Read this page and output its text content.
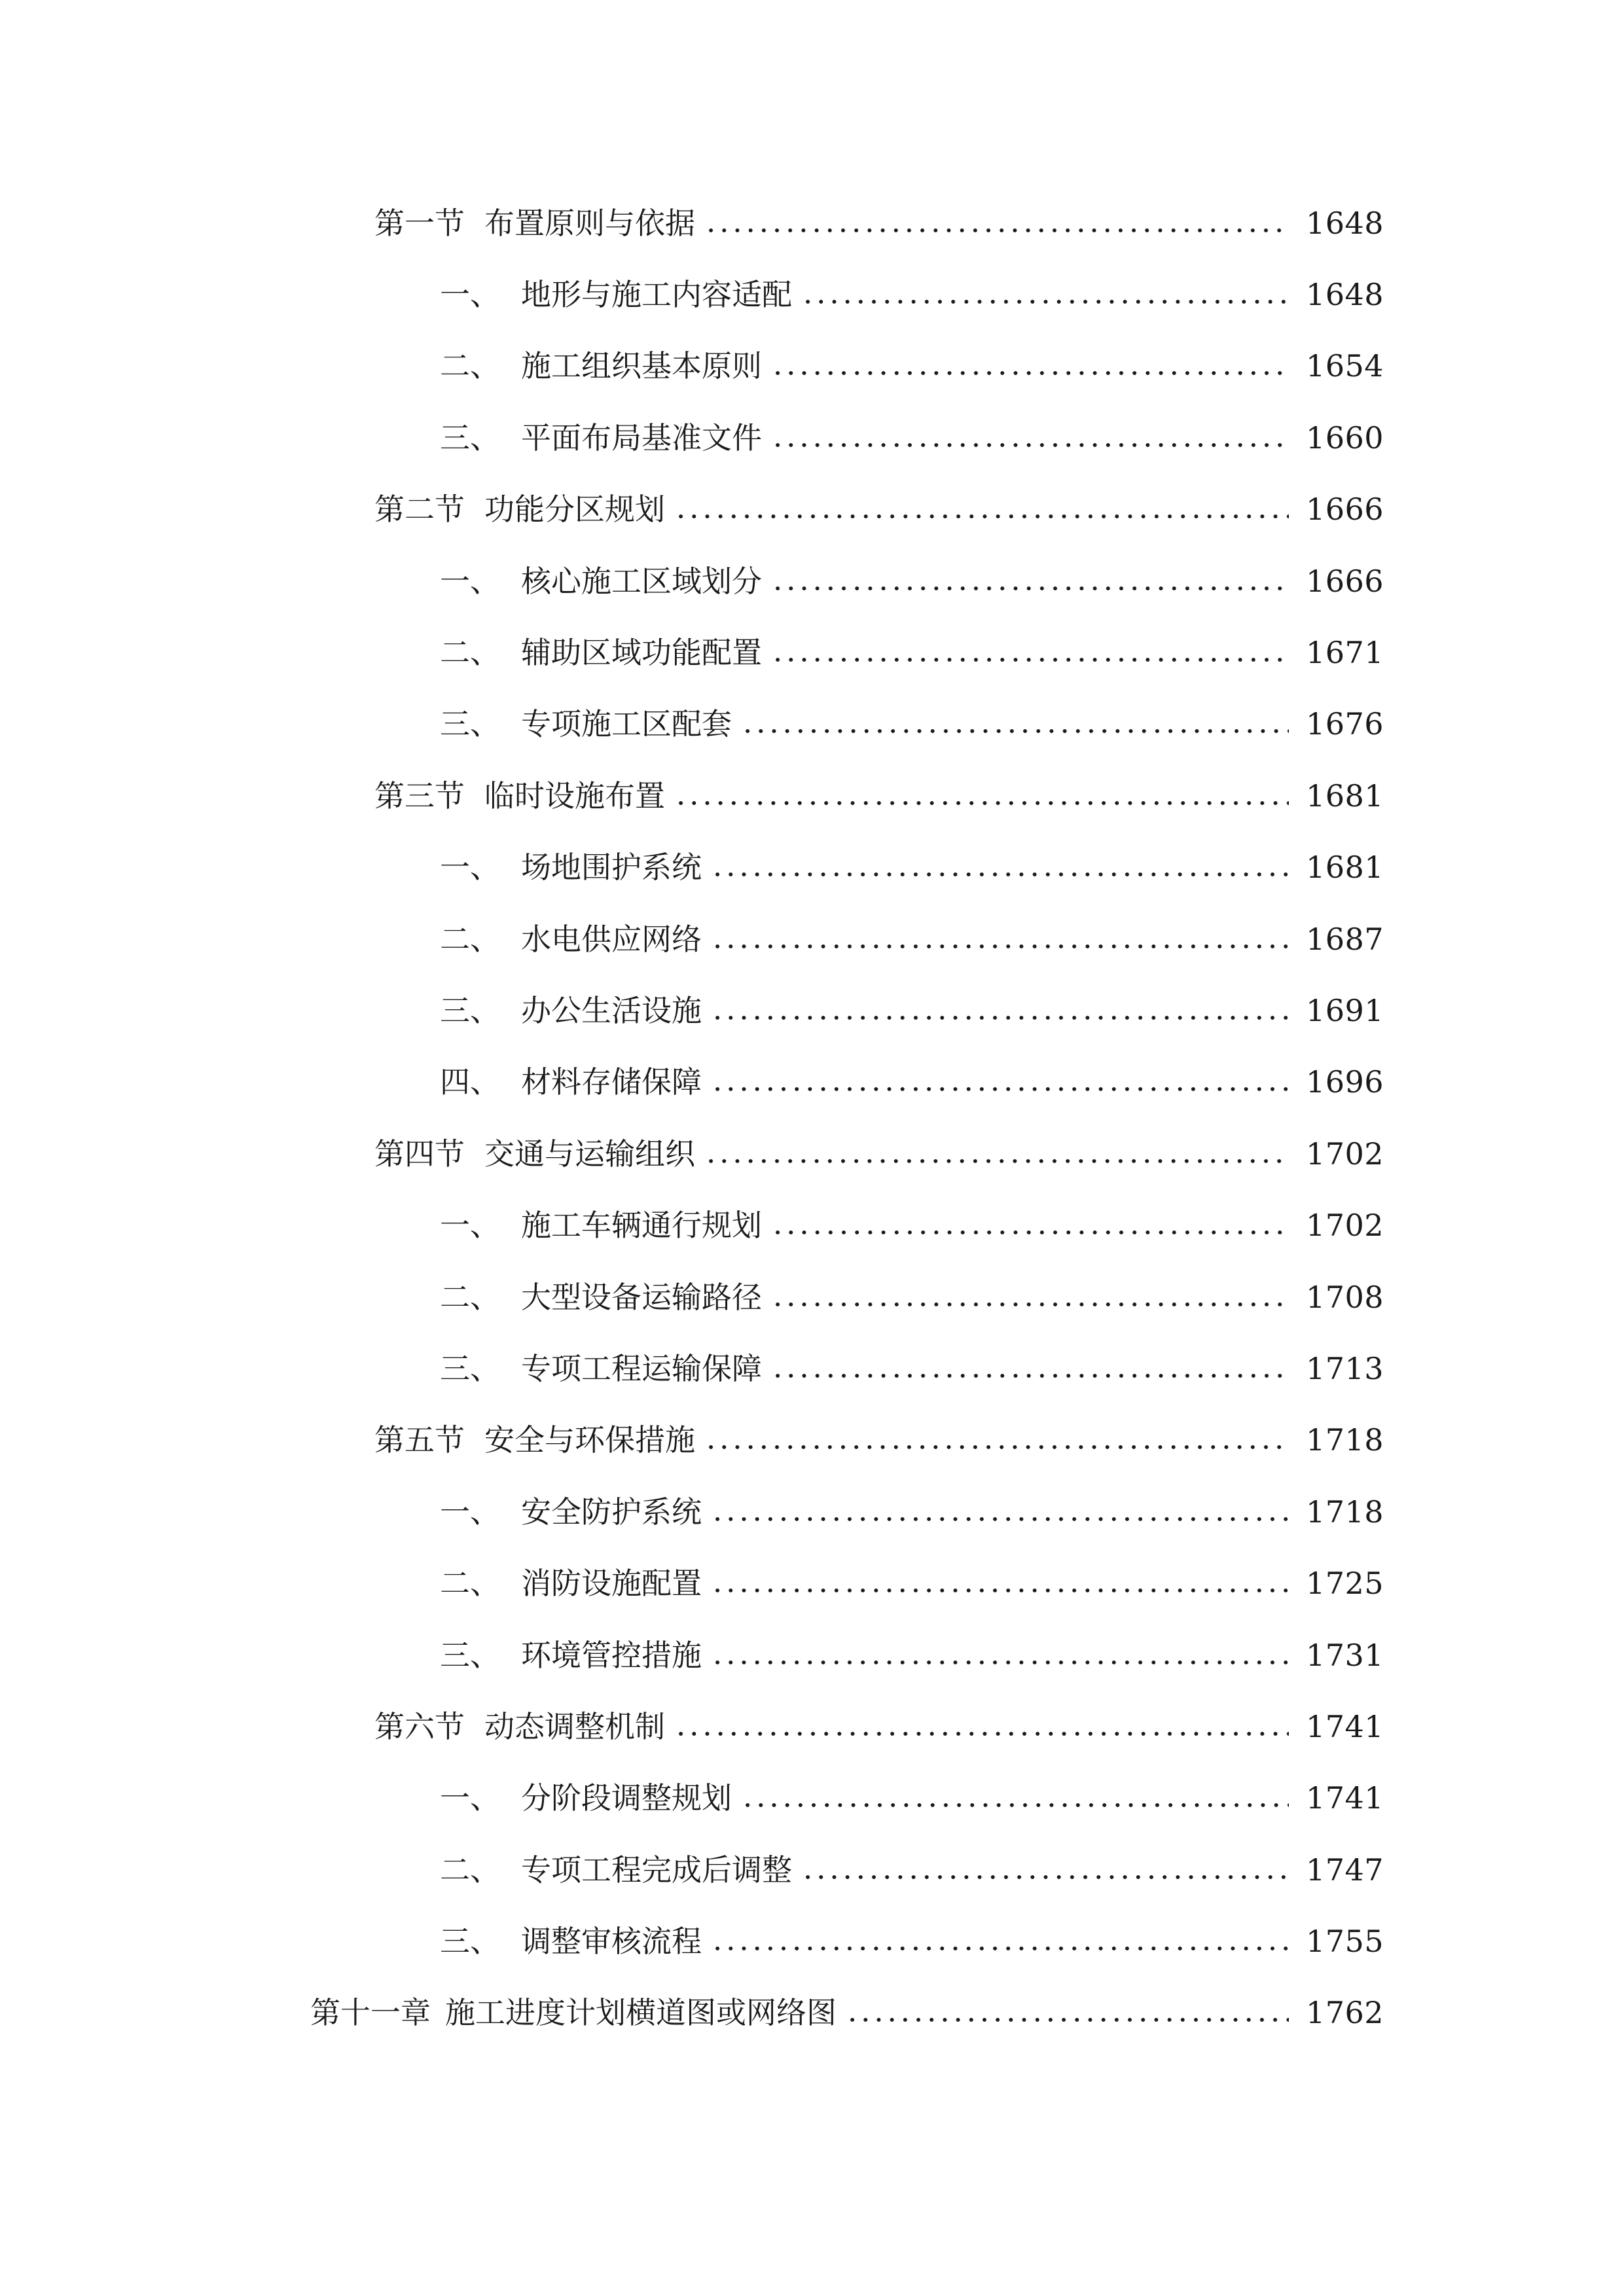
第一节 布置原则与依据	1648
一、 地形与施工内容适配	1648
二、 施工组织基本原则	1654
三、 平面布局基准文件	1660
第二节 功能分区规划	1666
一、 核心施工区域划分	1666
二、 辅助区域功能配置	1671
三、 专项施工区配套	1676
第三节 临时设施布置	1681
一、 场地围护系统	1681
二、 水电供应网络	1687
三、 办公生活设施	1691
四、 材料存储保障	1696
第四节 交通与运输组织	1702
一、 施工车辆通行规划	1702
二、 大型设备运输路径	1708
三、 专项工程运输保障	1713
第五节 安全与环保措施	1718
一、 安全防护系统	1718
二、 消防设施配置	1725
三、 环境管控措施	1731
第六节 动态调整机制	1741
一、 分阶段调整规划	1741
二、 专项工程完成后调整	1747
三、 调整审核流程	1755
第十一章 施工进度计划横道图或网络图	1762
